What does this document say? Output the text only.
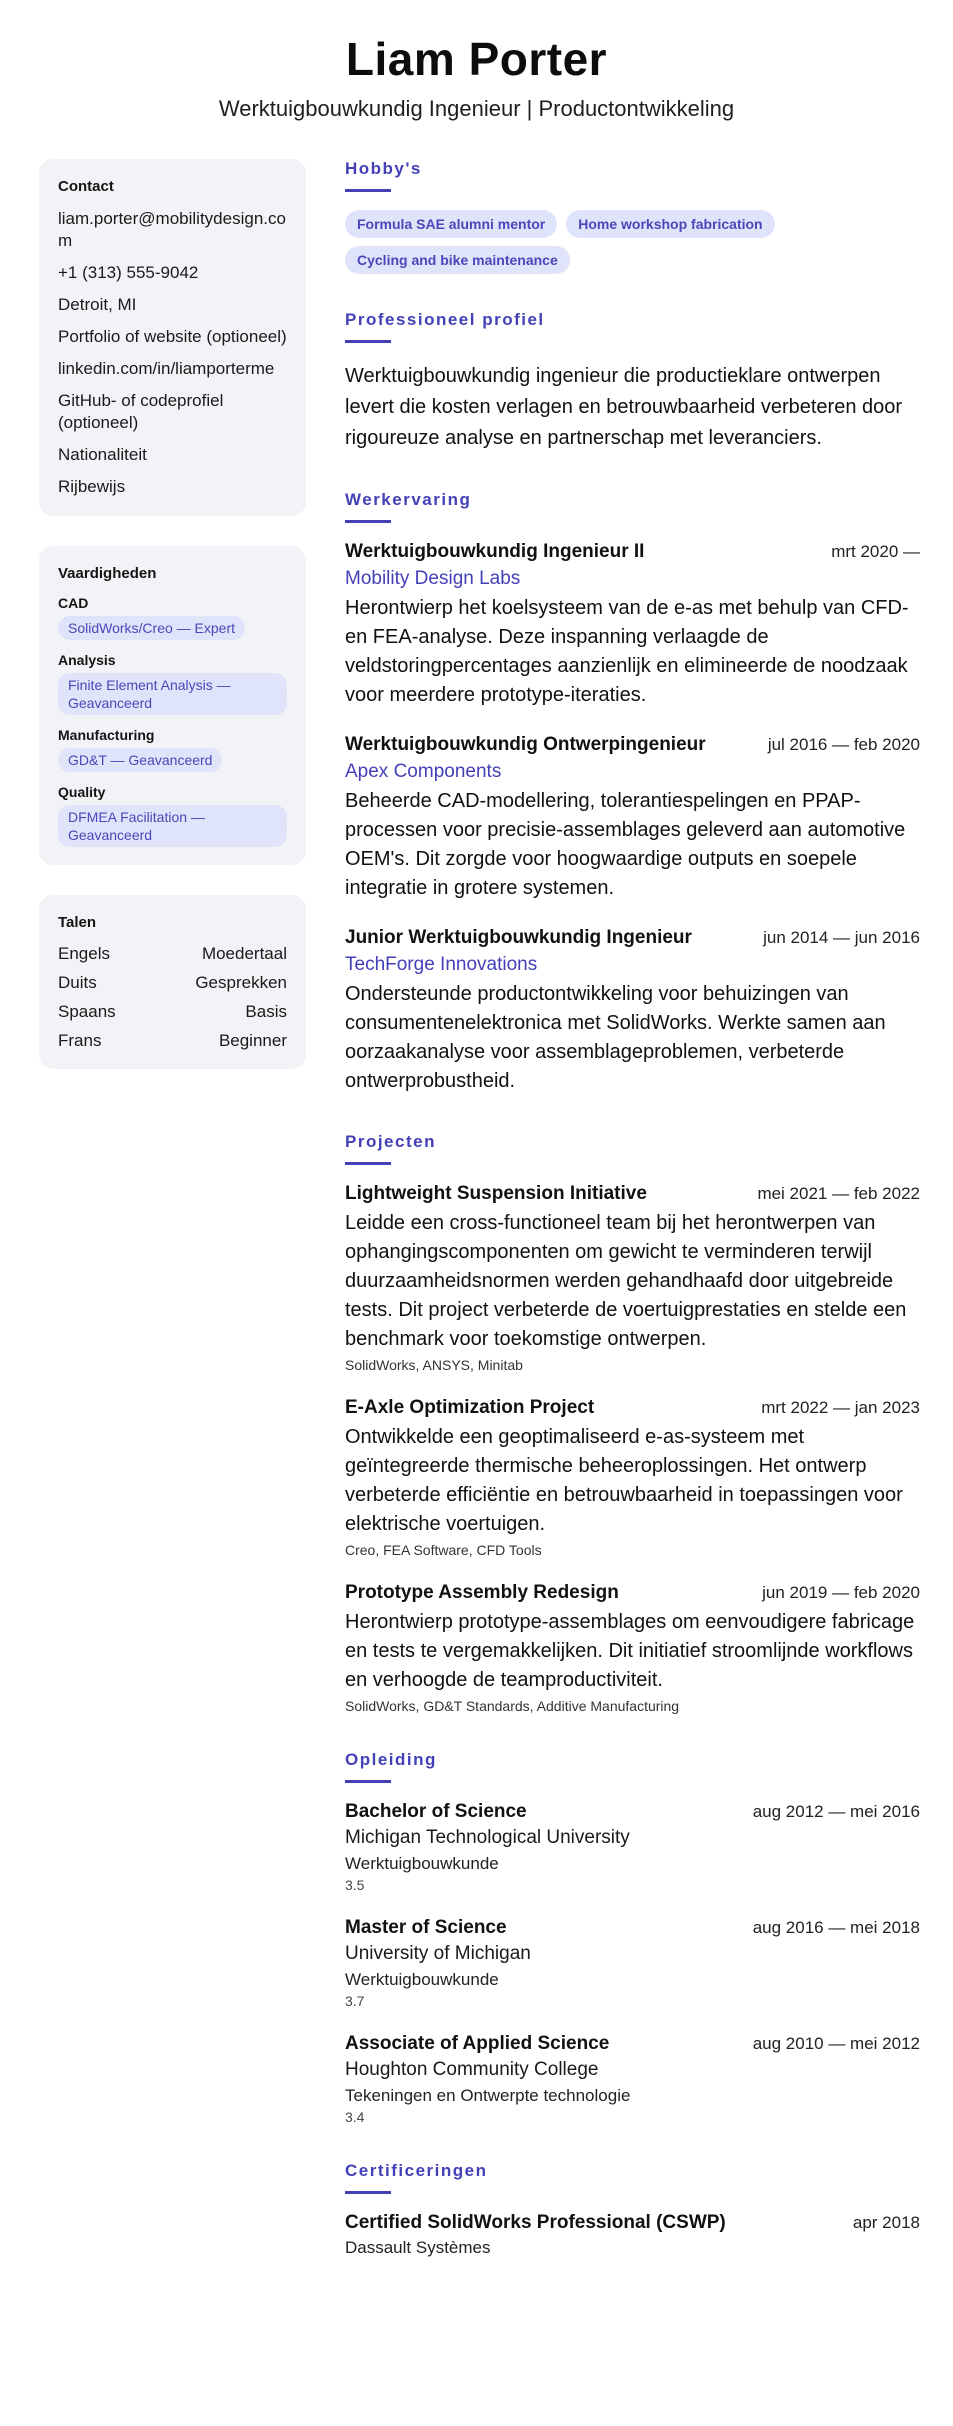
Liam Porter
Werktuigbouwkundig Ingenieur | Productontwikkeling
Contact
liam.porter@mobilitydesign.com
+1 (313) 555-9042
Detroit, MI
Portfolio of website (optioneel)
linkedin.com/in/liamporterme
GitHub- of codeprofiel (optioneel)
Nationaliteit
Rijbewijs
Vaardigheden
CAD
SolidWorks/Creo — Expert
Analysis
Finite Element Analysis — Geavanceerd
Manufacturing
GD&T — Geavanceerd
Quality
DFMEA Facilitation — Geavanceerd
Talen
Engels	Moedertaal
Duits	Gesprekken
Spaans	Basis
Frans	Beginner
Hobby's
Formula SAE alumni mentor	Home workshop fabrication
Cycling and bike maintenance
Professioneel profiel

Werktuigbouwkundig ingenieur die productieklare ontwerpen levert die kosten verlagen en betrouwbaarheid verbeteren door rigoureuze analyse en partnerschap met leveranciers.

Werkervaring
Werktuigbouwkundig Ingenieur II	mrt 2020 —
Mobility Design Labs

Herontwierp het koelsysteem van de e-as met behulp van CFD- en FEA-analyse. Deze inspanning verlaagde de veldstoringpercentages aanzienlijk en elimineerde de noodzaak voor meerdere prototype-iteraties.

Werktuigbouwkundig Ontwerpingenieur	jul 2016 — feb 2020
Apex Components

Beheerde CAD-modellering, tolerantiespelingen en PPAP-processen voor precisie-assemblages geleverd aan automotive OEM's. Dit zorgde voor hoogwaardige outputs en soepele integratie in grotere systemen.

Junior Werktuigbouwkundig Ingenieur	jun 2014 — jun 2016
TechForge Innovations

Ondersteunde productontwikkeling voor behuizingen van consumentenelektronica met SolidWorks. Werkte samen aan oorzaakanalyse voor assemblageproblemen, verbeterde ontwerprobustheid.

Projecten
Lightweight Suspension Initiative	mei 2021 — feb 2022

Leidde een cross-functioneel team bij het herontwerpen van ophangingscomponenten om gewicht te verminderen terwijl duurzaamheidsnormen werden gehandhaafd door uitgebreide tests. Dit project verbeterde de voertuigprestaties en stelde een benchmark voor toekomstige ontwerpen.

SolidWorks, ANSYS, Minitab
E-Axle Optimization Project	mrt 2022 — jan 2023

Ontwikkelde een geoptimaliseerd e-as-systeem met geïntegreerde thermische beheeroplossingen. Het ontwerp verbeterde efficiëntie en betrouwbaarheid in toepassingen voor elektrische voertuigen.

Creo, FEA Software, CFD Tools
Prototype Assembly Redesign	jun 2019 — feb 2020

Herontwierp prototype-assemblages om eenvoudigere fabricage en tests te vergemakkelijken. Dit initiatief stroomlijnde workflows en verhoogde de teamproductiviteit.

SolidWorks, GD&T Standards, Additive Manufacturing
Opleiding
Bachelor of Science	aug 2012 — mei 2016
Michigan Technological University
Werktuigbouwkunde
3.5
Master of Science	aug 2016 — mei 2018
University of Michigan
Werktuigbouwkunde
3.7
Associate of Applied Science	aug 2010 — mei 2012
Houghton Community College
Tekeningen en Ontwerpte technologie
3.4
Certificeringen
Certified SolidWorks Professional (CSWP)	apr 2018
Dassault Systèmes
